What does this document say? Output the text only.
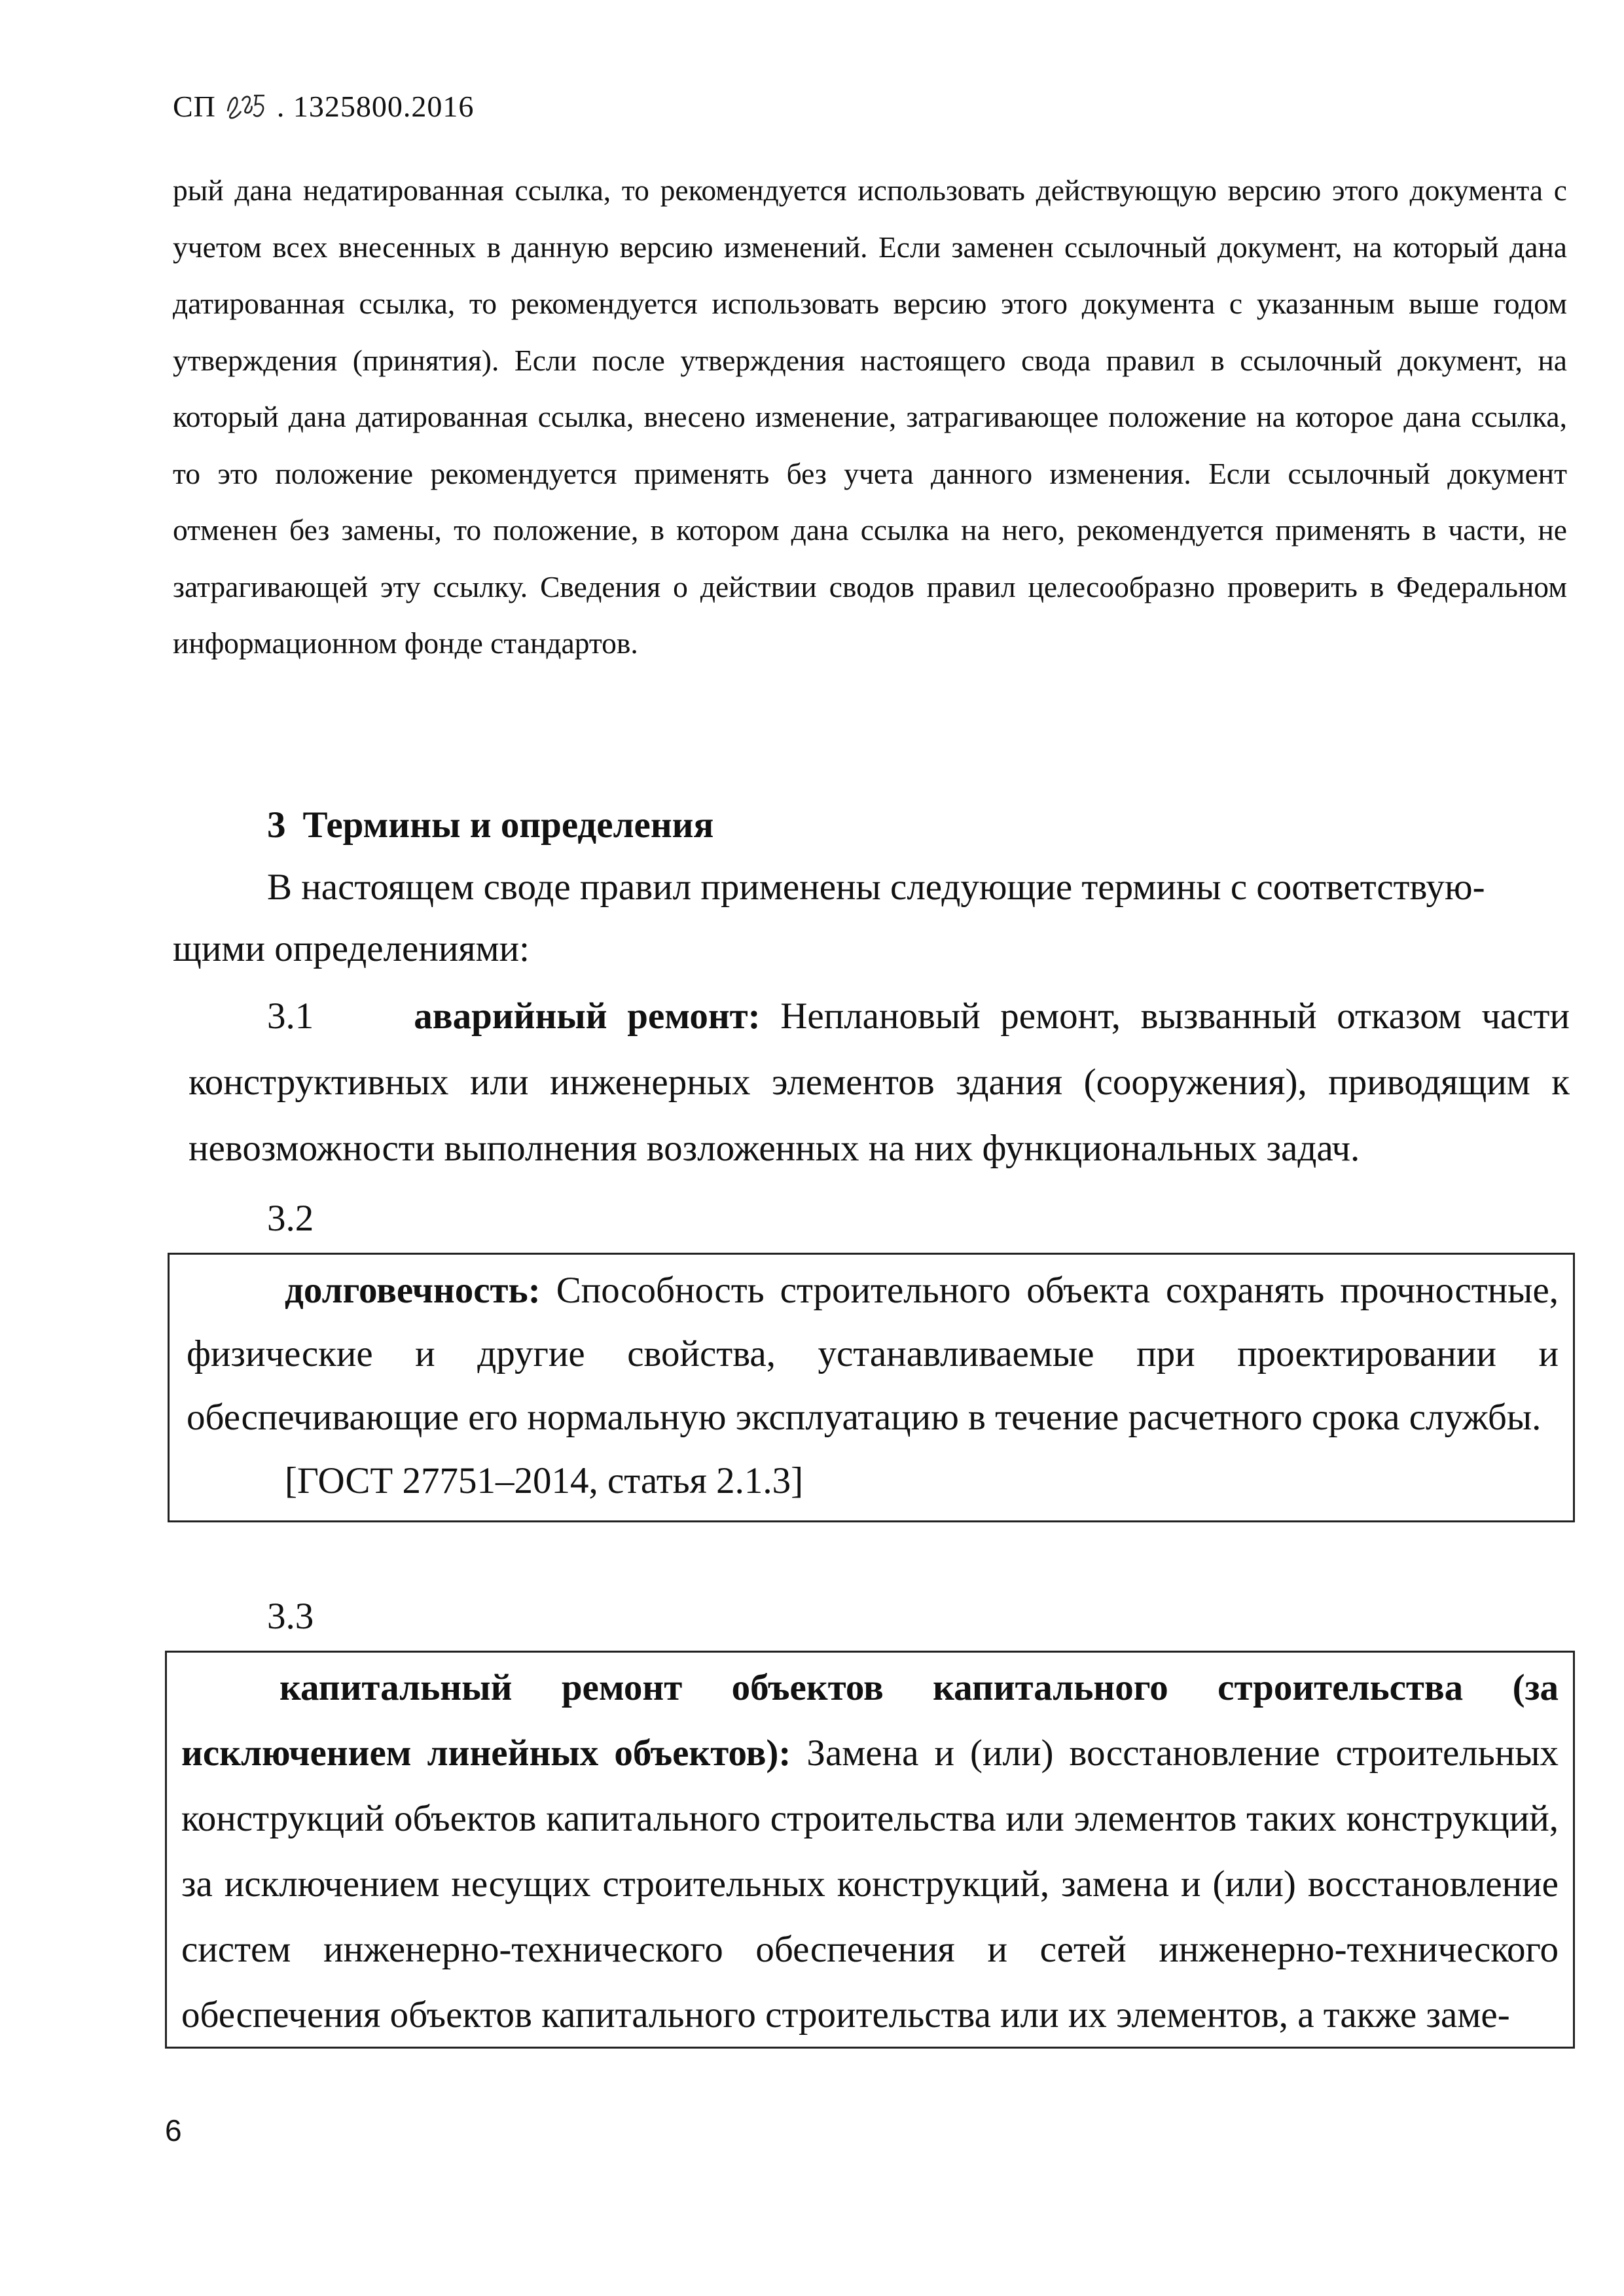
СП . 1325800.2016

рый дана недатированная ссылка, то рекомендуется использовать действующую версию этого документа с учетом всех внесенных в данную версию изменений. Если заменен ссылочный документ, на который дана датированная ссылка, то рекомендуется использовать версию этого документа с указанным выше годом утверждения (принятия). Если после утверждения настоящего свода правил в ссылочный документ, на который дана датированная ссылка, внесено изменение, затрагивающее положение на которое дана ссылка, то это положение рекомендуется применять без учета данного изменения. Если ссылочный документ отменен без замены, то положение, в котором дана ссылка на него, рекомендуется применять в части, не затрагивающей эту ссылку. Сведения о действии сводов правил целесообразно проверить в Федеральном информационном фонде стандартов.

3 Термины и определения
В настоящем своде правил применены следующие термины с соответствую-
щими определениями:

3.1	аварийный ремонт: Неплановый ремонт, вызванный отказом части конструктивных или инженерных элементов здания (сооружения), приводящим к невозможности выполнения возложенных на них функциональных задач.

3.2

долговечность: Способность строительного объекта сохранять прочностные, физические и другие свойства, устанавливаемые при проектировании и обеспечивающие его нормальную эксплуатацию в течение расчетного срока службы.

[ГОСТ 27751–2014, статья 2.1.3]

3.3

капитальный ремонт объектов капитального строительства (за исключением линейных объектов): Замена и (или) восстановление строительных конструкций объектов капитального строительства или элементов таких конструкций, за исключением несущих строительных конструкций, замена и (или) восстановление систем инженерно-технического обеспечения и сетей инженерно-технического обеспечения объектов капитального строительства или их элементов, а также заме-

6
